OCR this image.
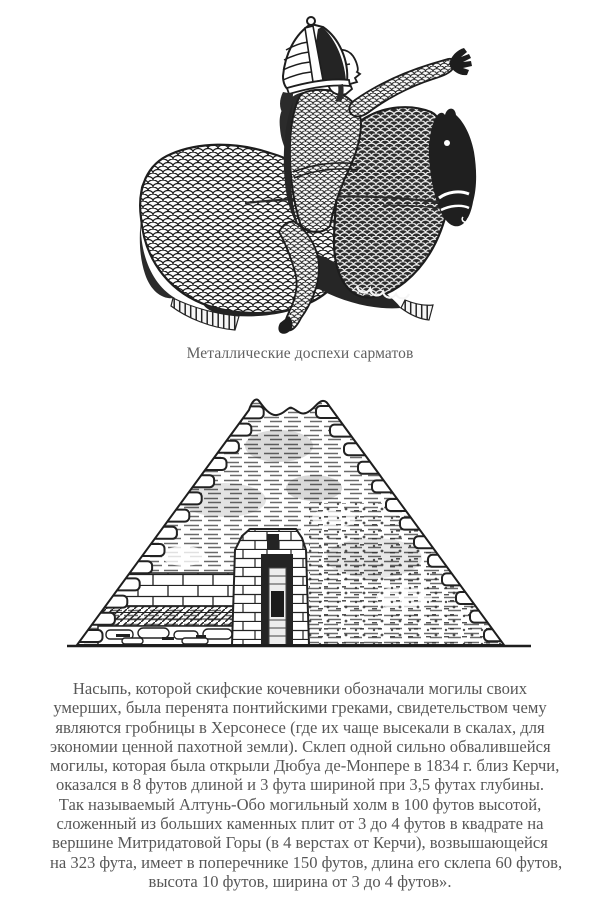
Металлические доспехи сарматов
Насыпь, которой скифские кочевники обозначали могилы своих
умерших, была перенята понтийскими греками, свидетельством чему
являются гробницы в Херсонесе (где их чаще высекали в скалах, для
экономии ценной пахотной земли). Склеп одной сильно обвалившейся
могилы, которая была открыли Дюбуа де-Монпере в 1834 г. близ Керчи,
оказался в 8 футов длиной и 3 фута шириной при 3,5 футах глубины.
Так называемый Алтунь-Обо могильный холм в 100 футов высотой,
сложенный из больших каменных плит от 3 до 4 футов в квадрате на
вершине Митридатовой Горы (в 4 верстах от Керчи), возвышающейся
на 323 фута, имеет в поперечнике 150 футов, длина его склепа 60 футов,
высота 10 футов, ширина от 3 до 4 футов».
